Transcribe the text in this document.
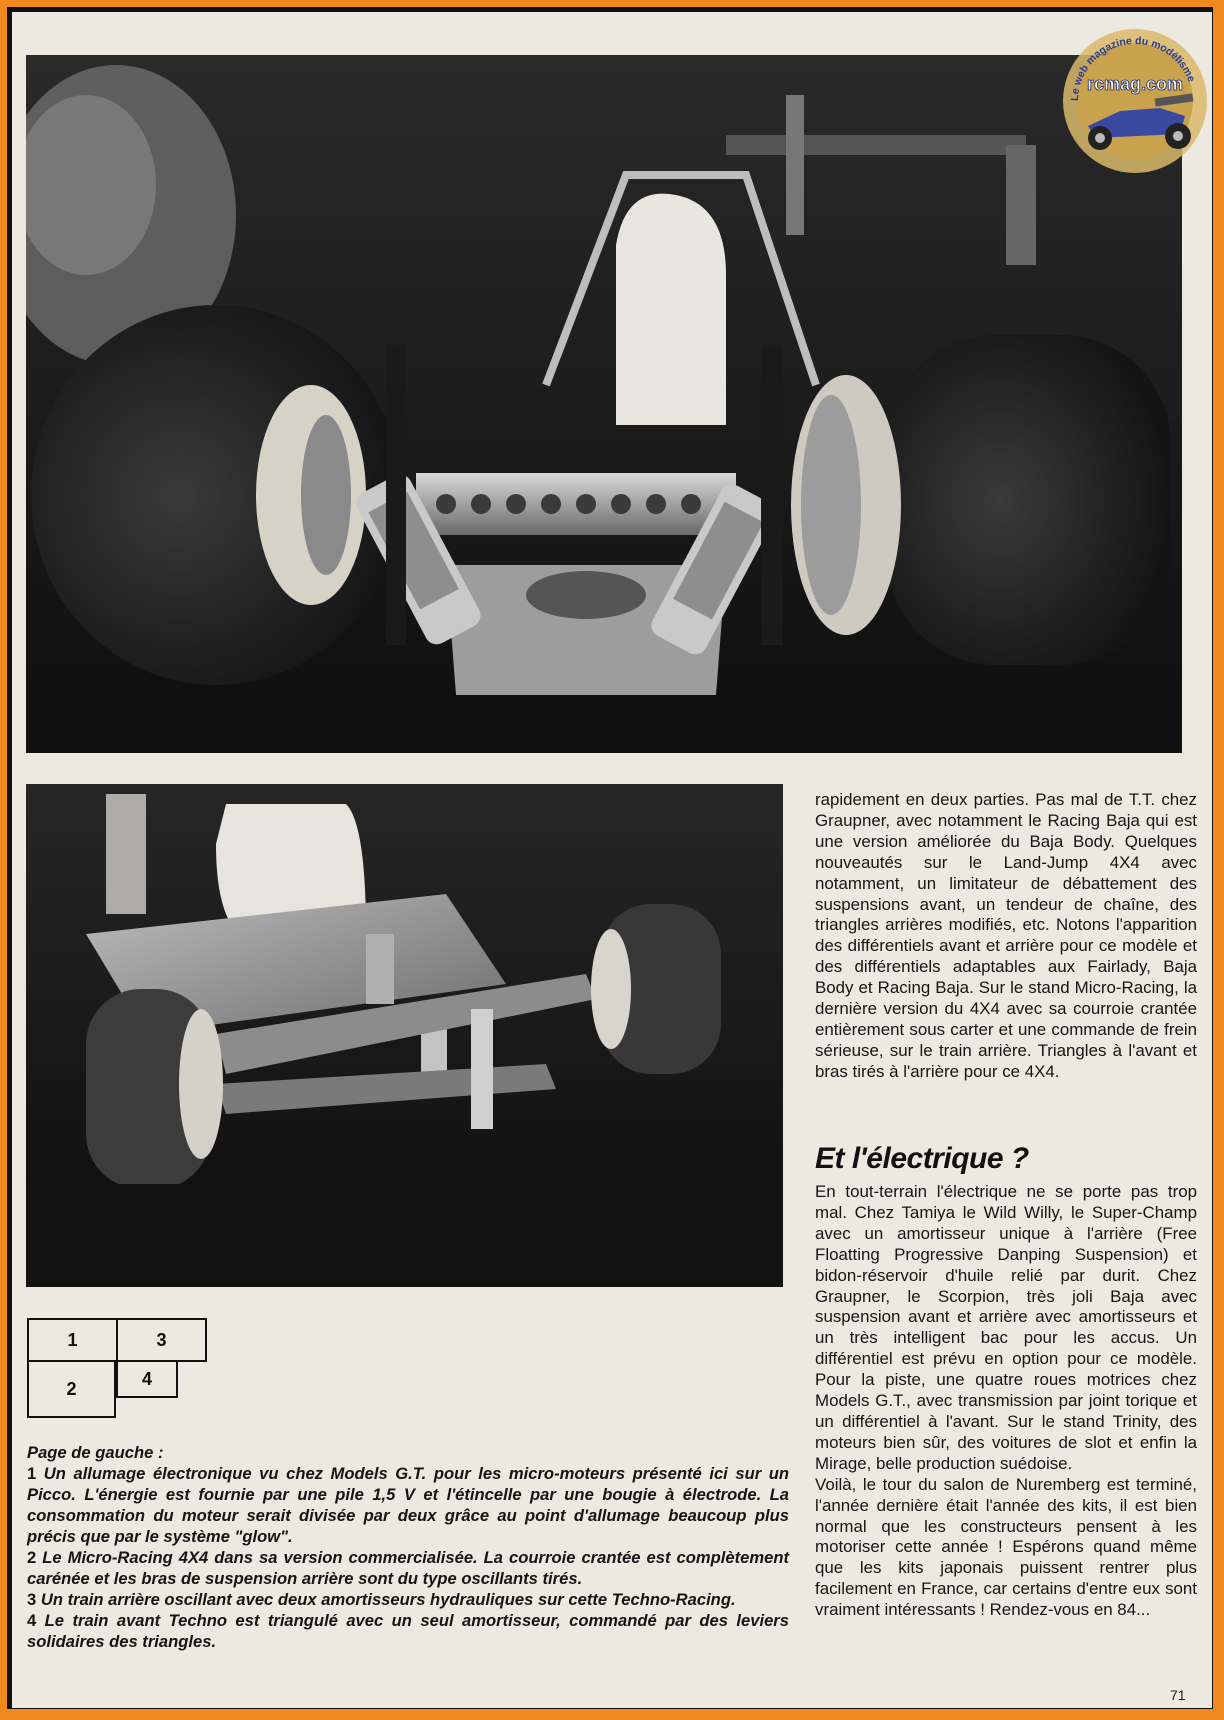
Le web magazine du modélisme
rcmag.com
1	3
2	4
Page de gauche :

1 Un allumage électronique vu chez Models G.T. pour les micro-moteurs présenté ici sur un Picco. L'énergie est fournie par une pile 1,5 V et l'étincelle par une bougie à électrode. La consommation du moteur serait divisée par deux grâce au point d'allumage beaucoup plus précis que par le système "glow".

2 Le Micro-Racing 4X4 dans sa version commercialisée. La courroie crantée est complètement carénée et les bras de suspension arrière sont du type oscillants tirés.

3 Un train arrière oscillant avec deux amortisseurs hydrauliques sur cette Techno-Racing.

4 Le train avant Techno est triangulé avec un seul amortisseur, commandé par des leviers solidaires des triangles.

rapidement en deux parties. Pas mal de T.T. chez Graupner, avec notamment le Racing Baja qui est une version améliorée du Baja Body. Quelques nouveautés sur le Land-Jump 4X4 avec notamment, un limitateur de débattement des suspensions avant, un tendeur de chaîne, des triangles arrières modifiés, etc. Notons l'apparition des différentiels avant et arrière pour ce modèle et des différentiels adaptables aux Fairlady, Baja Body et Racing Baja. Sur le stand Micro-Racing, la dernière version du 4X4 avec sa courroie crantée entièrement sous carter et une commande de frein sérieuse, sur le train arrière. Triangles à l'avant et bras tirés à l'arrière pour ce 4X4.

Et l'électrique ?

En tout-terrain l'électrique ne se porte pas trop mal. Chez Tamiya le Wild Willy, le Super-Champ avec un amortisseur unique à l'arrière (Free Floatting Progressive Danping Suspension) et bidon-réservoir d'huile relié par durit. Chez Graupner, le Scorpion, très joli Baja avec suspension avant et arrière avec amortisseurs et un très intelligent bac pour les accus. Un différentiel est prévu en option pour ce modèle. Pour la piste, une quatre roues motrices chez Models G.T., avec transmission par joint torique et un différentiel à l'avant. Sur le stand Trinity, des moteurs bien sûr, des voitures de slot et enfin la Mirage, belle production suédoise.

Voilà, le tour du salon de Nuremberg est terminé, l'année dernière était l'année des kits, il est bien normal que les constructeurs pensent à les motoriser cette année ! Espérons quand même que les kits japonais puissent rentrer plus facilement en France, car certains d'entre eux sont vraiment intéressants ! Rendez-vous en 84...

71
